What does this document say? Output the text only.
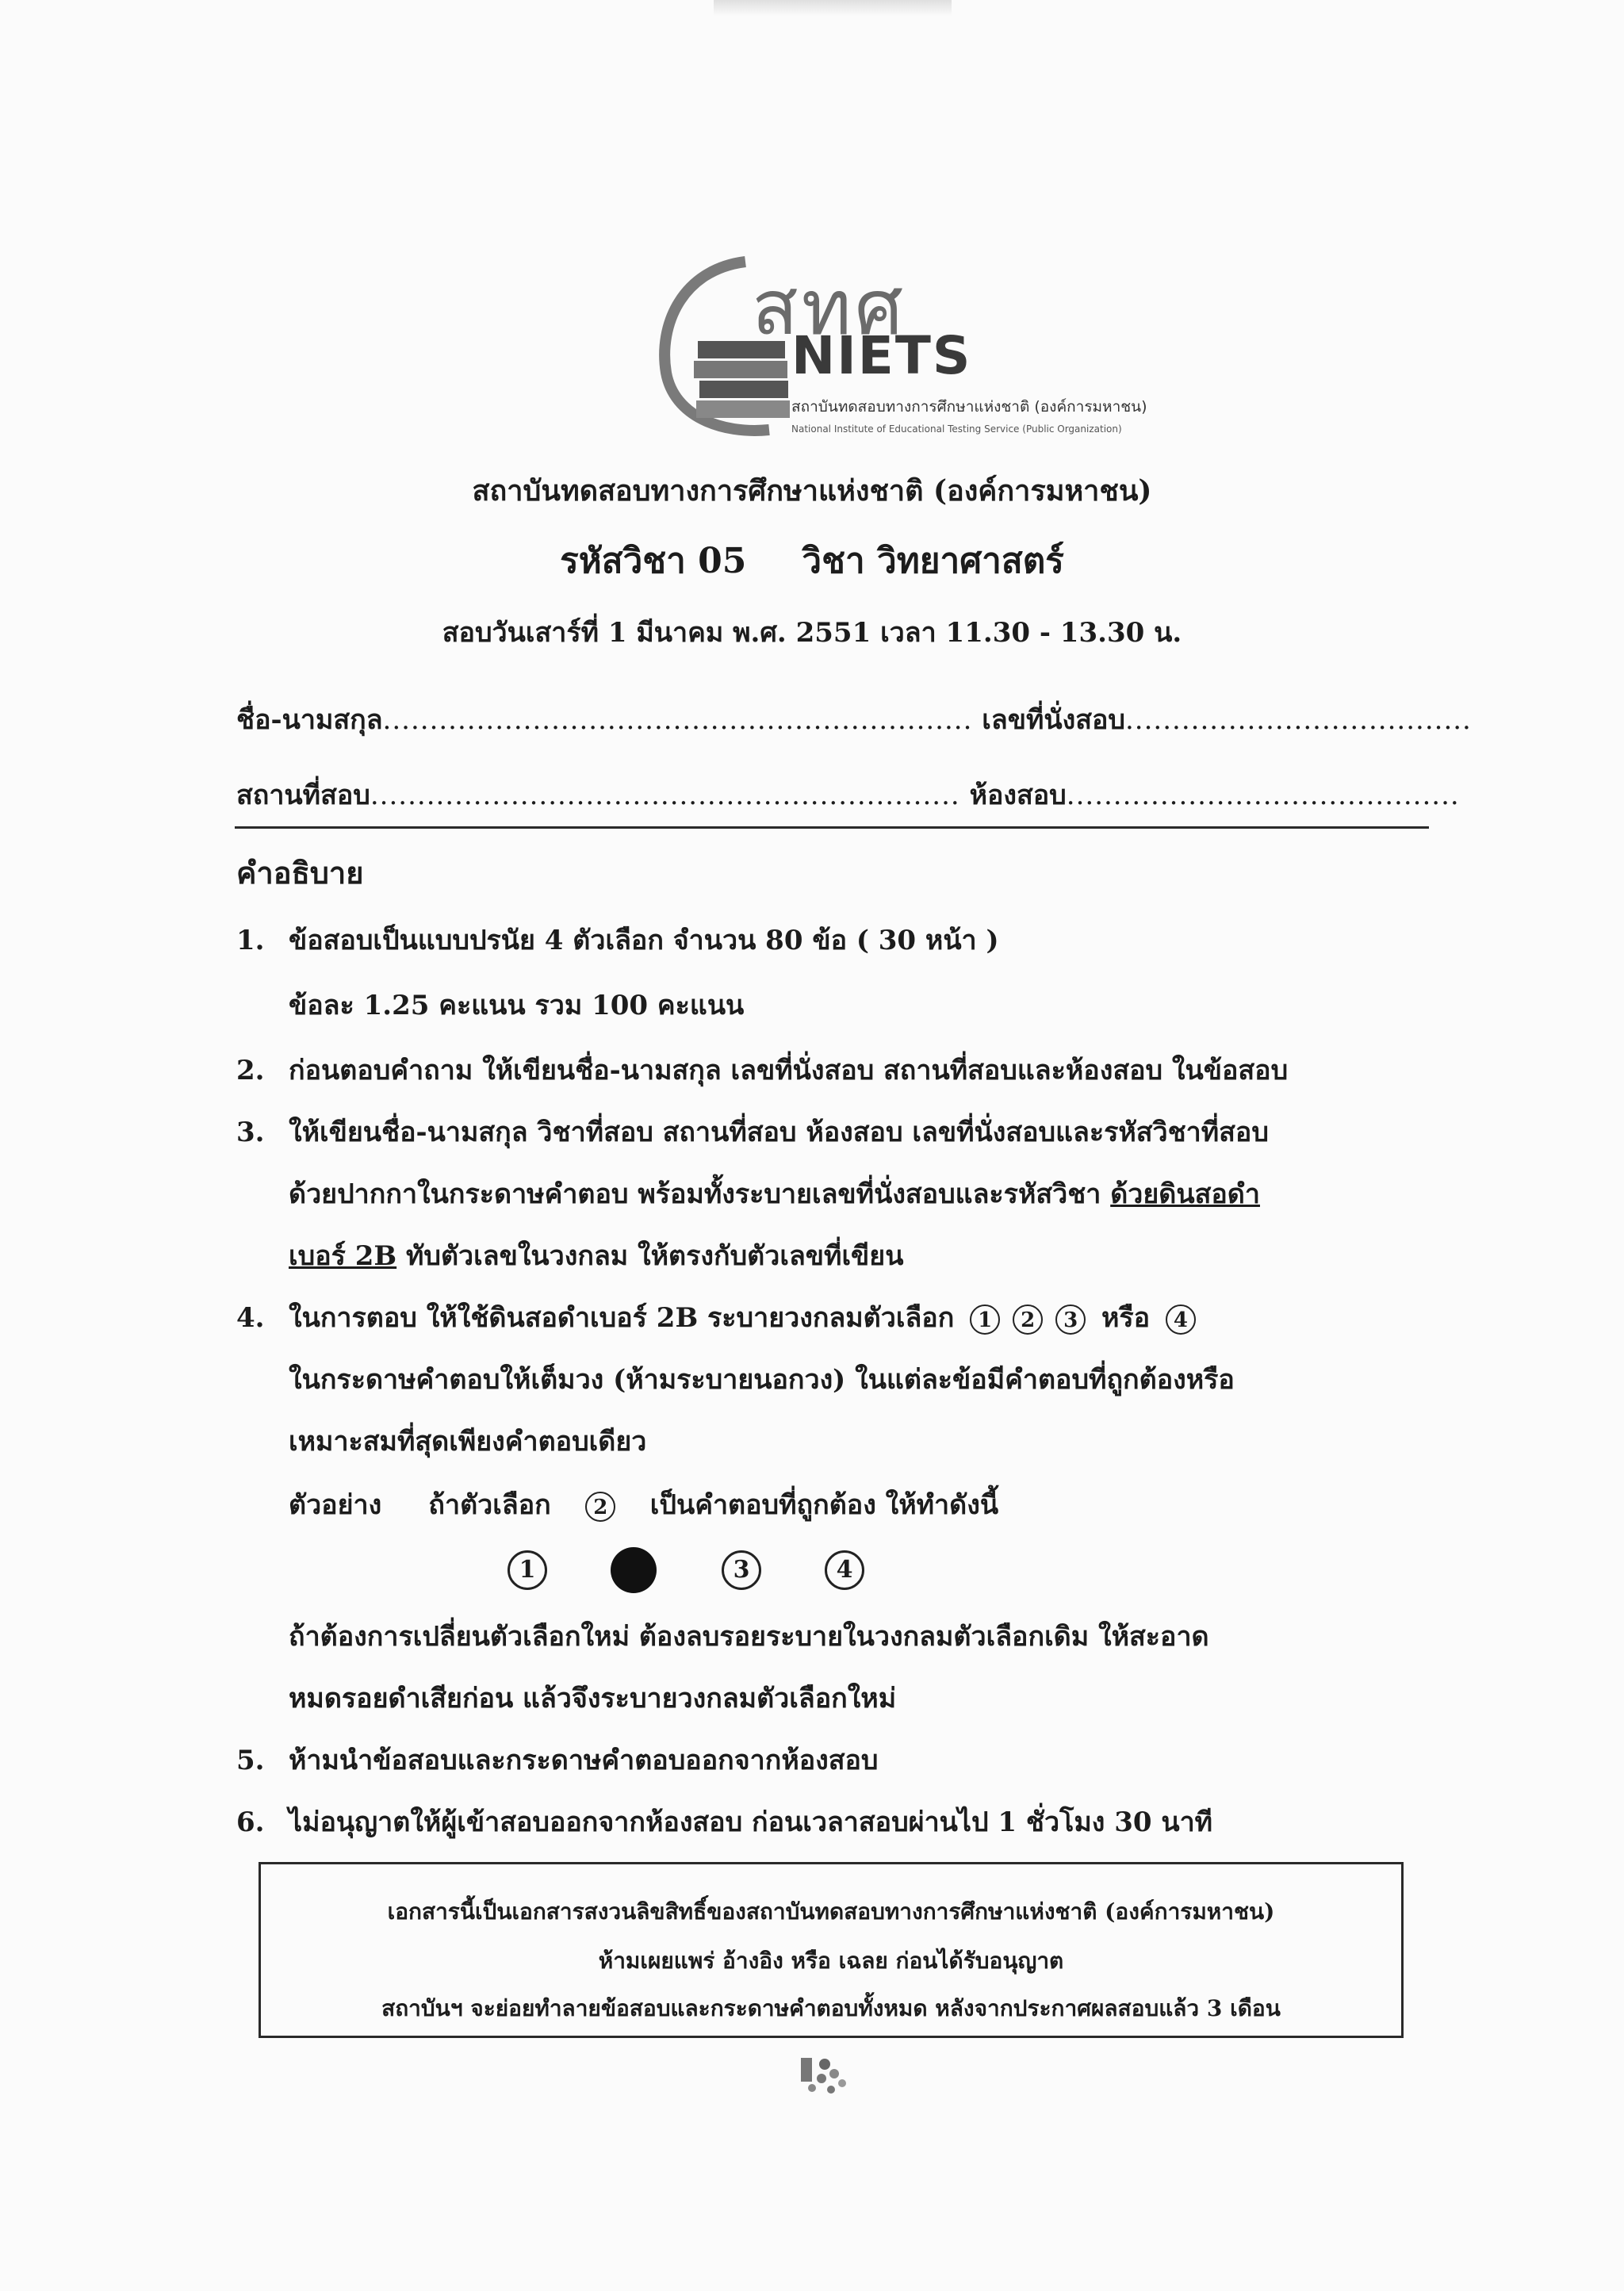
สทศ
NIETS
สถาบันทดสอบทางการศึกษาแห่งชาติ (องค์การมหาชน)
National Institute of Educational Testing Service (Public Organization)
สถาบันทดสอบทางการศึกษาแห่งชาติ (องค์การมหาชน)
รหัสวิชา 05 วิชา วิทยาศาสตร์
สอบวันเสาร์ที่ 1 มีนาคม พ.ศ. 2551 เวลา 11.30 - 13.30 น.
ชื่อ-นามสกุล............................................................... เลขที่นั่งสอบ.....................................
สถานที่สอบ............................................................... ห้องสอบ..........................................
คำอธิบาย
1. ข้อสอบเป็นแบบปรนัย 4 ตัวเลือก จำนวน 80 ข้อ ( 30 หน้า )
ข้อละ 1.25 คะแนน รวม 100 คะแนน
2. ก่อนตอบคำถาม ให้เขียนชื่อ-นามสกุล เลขที่นั่งสอบ สถานที่สอบและห้องสอบ ในข้อสอบ
3. ให้เขียนชื่อ-นามสกุล วิชาที่สอบ สถานที่สอบ ห้องสอบ เลขที่นั่งสอบและรหัสวิชาที่สอบ
ด้วยปากกาในกระดาษคำตอบ พร้อมทั้งระบายเลขที่นั่งสอบและรหัสวิชา ด้วยดินสอดำ
เบอร์ 2B ทับตัวเลขในวงกลม ให้ตรงกับตัวเลขที่เขียน
4. ในการตอบ ให้ใช้ดินสอดำเบอร์ 2B ระบายวงกลมตัวเลือก 1 2 3 หรือ 4
ในกระดาษคำตอบให้เต็มวง (ห้ามระบายนอกวง) ในแต่ละข้อมีคำตอบที่ถูกต้องหรือ
เหมาะสมที่สุดเพียงคำตอบเดียว
ตัวอย่าง ถ้าตัวเลือก 2 เป็นคำตอบที่ถูกต้อง ให้ทำดังนี้
1	3	4
ถ้าต้องการเปลี่ยนตัวเลือกใหม่ ต้องลบรอยระบายในวงกลมตัวเลือกเดิม ให้สะอาด
หมดรอยดำเสียก่อน แล้วจึงระบายวงกลมตัวเลือกใหม่
5. ห้ามนำข้อสอบและกระดาษคำตอบออกจากห้องสอบ
6. ไม่อนุญาตให้ผู้เข้าสอบออกจากห้องสอบ ก่อนเวลาสอบผ่านไป 1 ชั่วโมง 30 นาที
เอกสารนี้เป็นเอกสารสงวนลิขสิทธิ์ของสถาบันทดสอบทางการศึกษาแห่งชาติ (องค์การมหาชน)
ห้ามเผยแพร่ อ้างอิง หรือ เฉลย ก่อนได้รับอนุญาต
สถาบันฯ จะย่อยทำลายข้อสอบและกระดาษคำตอบทั้งหมด หลังจากประกาศผลสอบแล้ว 3 เดือน
